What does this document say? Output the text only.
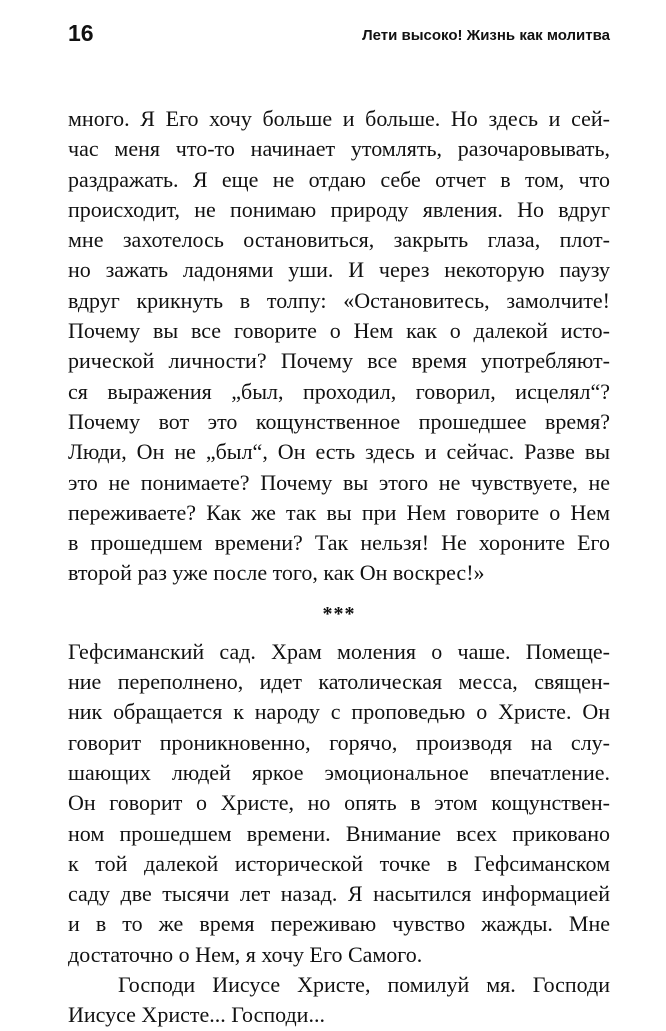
16	Лети высоко! Жизнь как молитва
много. Я Его хочу больше и больше. Но здесь и сей-
час меня что-то начинает утомлять, разочаровывать,
раздражать. Я еще не отдаю себе отчет в том, что
происходит, не понимаю природу явления. Но вдруг
мне захотелось остановиться, закрыть глаза, плот-
но зажать ладонями уши. И через некоторую паузу
вдруг крикнуть в толпу: «Остановитесь, замолчите!
Почему вы все говорите о Нем как о далекой исто-
рической личности? Почему все время употребляют-
ся выражения „был, проходил, говорил, исцелял“?
Почему вот это кощунственное прошедшее время?
Люди, Он не „был“, Он есть здесь и сейчас. Разве вы
это не понимаете? Почему вы этого не чувствуете, не
переживаете? Как же так вы при Нем говорите о Нем
в прошедшем времени? Так нельзя! Не хороните Его
второй раз уже после того, как Он воскрес!»
***
Гефсиманский сад. Храм моления о чаше. Помеще-
ние переполнено, идет католическая месса, священ-
ник обращается к народу с проповедью о Христе. Он
говорит проникновенно, горячо, производя на слу-
шающих людей яркое эмоциональное впечатление.
Он говорит о Христе, но опять в этом кощунствен-
ном прошедшем времени. Внимание всех приковано
к той далекой исторической точке в Гефсиманском
саду две тысячи лет назад. Я насытился информацией
и в то же время переживаю чувство жажды. Мне
достаточно о Нем, я хочу Его Самого.
Господи Иисусе Христе, помилуй мя. Господи
Иисусе Христе... Господи...
